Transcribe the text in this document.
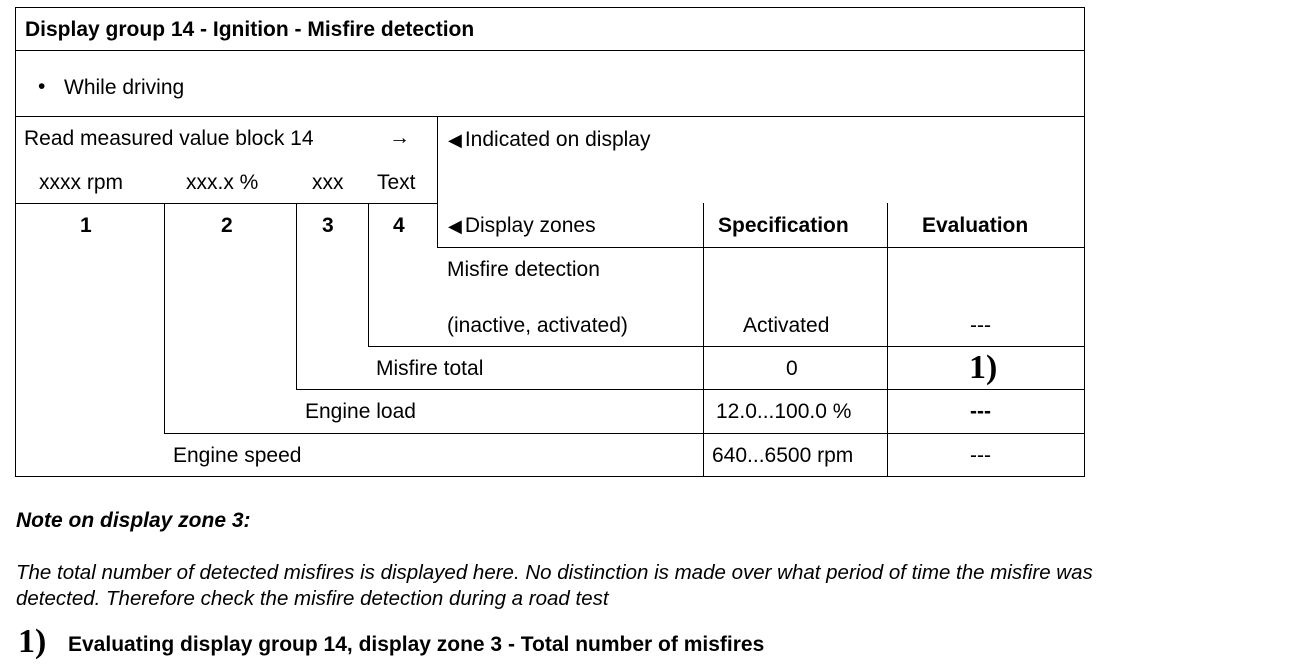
Display group 14 - Ignition - Misfire detection
• While driving
Read measured value block 14	→ ◀ Indicated on display
xxxx rpm	xxx.x %	xxx Text
1	2	3	4 ◀ Display zones	Specification	Evaluation
Misfire detection
(inactive, activated)	Activated	---
Misfire total	0	1)
Engine load	12.0...100.0 %	---
Engine speed	640...6500 rpm	---
Note on display zone 3:
The total number of detected misfires is displayed here. No distinction is made over what period of time the misfire was
detected. Therefore check the misfire detection during a road test
1) Evaluating display group 14, display zone 3 - Total number of misfires
